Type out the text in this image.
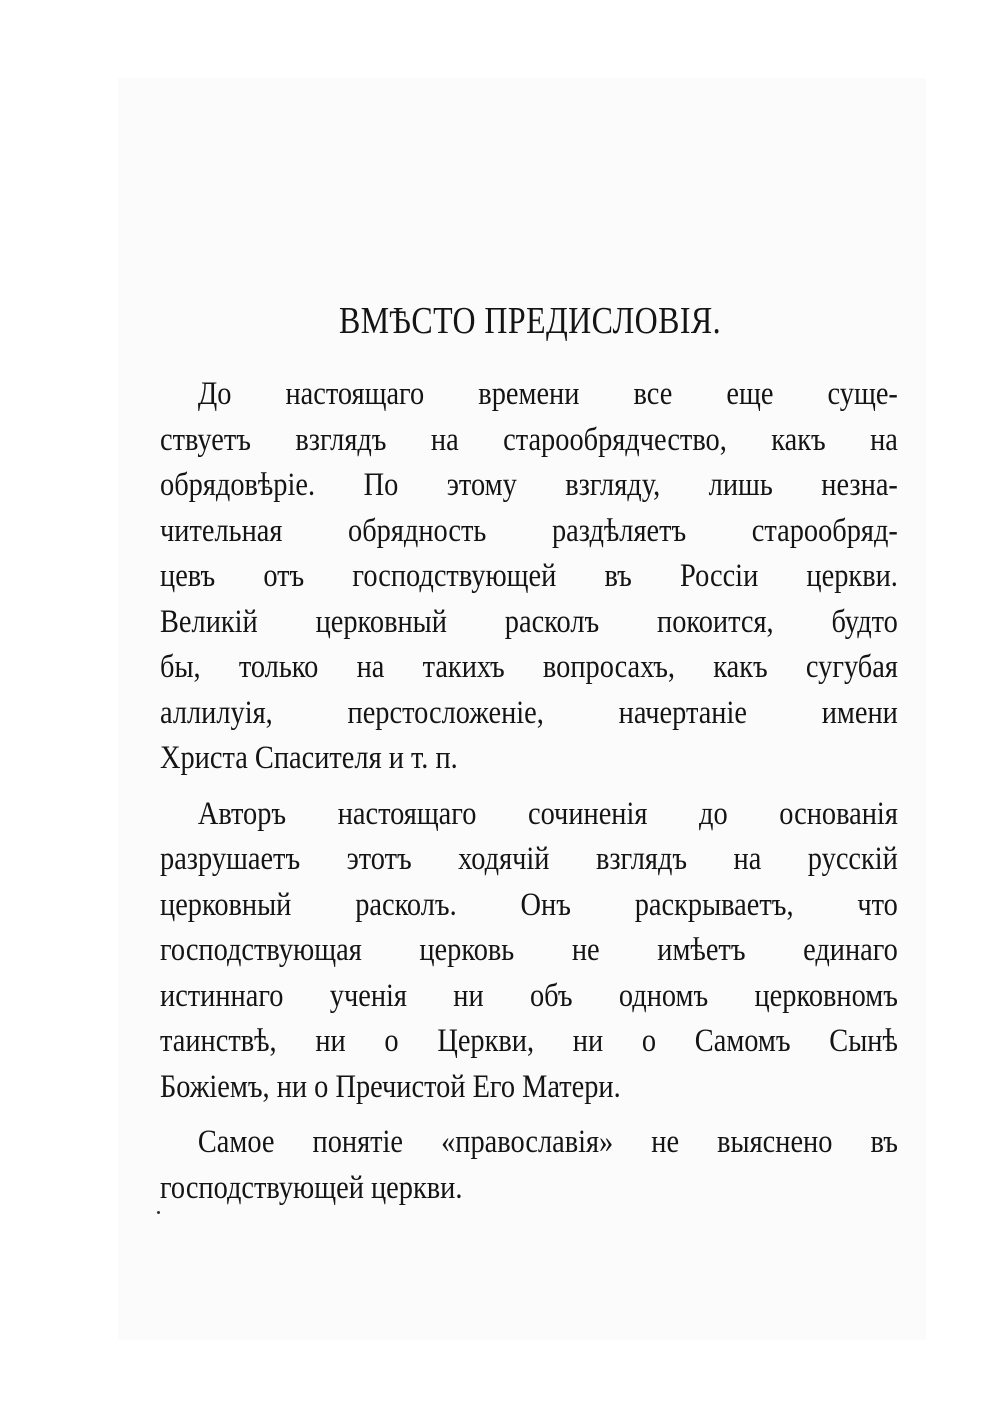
ВМѢСТО ПРЕДИСЛОВІЯ.
До настоящаго времени все еще суще-
ствуетъ взглядъ на старообрядчество, какъ на
обрядовѣріе. По этому взгляду, лишь незна-
чительная обрядность раздѣляетъ старообряд-
цевъ отъ господствующей въ Россіи церкви.
Великій церковный расколъ покоится, будто
бы, только на такихъ вопросахъ, какъ сугубая
аллилуія, перстосложеніе, начертаніе имени
Христа Спасителя и т. п.
Авторъ настоящаго сочиненія до основанія
разрушаетъ этотъ ходячій взглядъ на русскій
церковный расколъ. Онъ раскрываетъ, что
господствующая церковь не имѣетъ единаго
истиннаго ученія ни объ одномъ церковномъ
таинствѣ, ни о Церкви, ни о Самомъ Сынѣ
Божіемъ, ни о Пречистой Его Матери.
Самое понятіе «православія» не выяснено въ
господствующей церкви.
